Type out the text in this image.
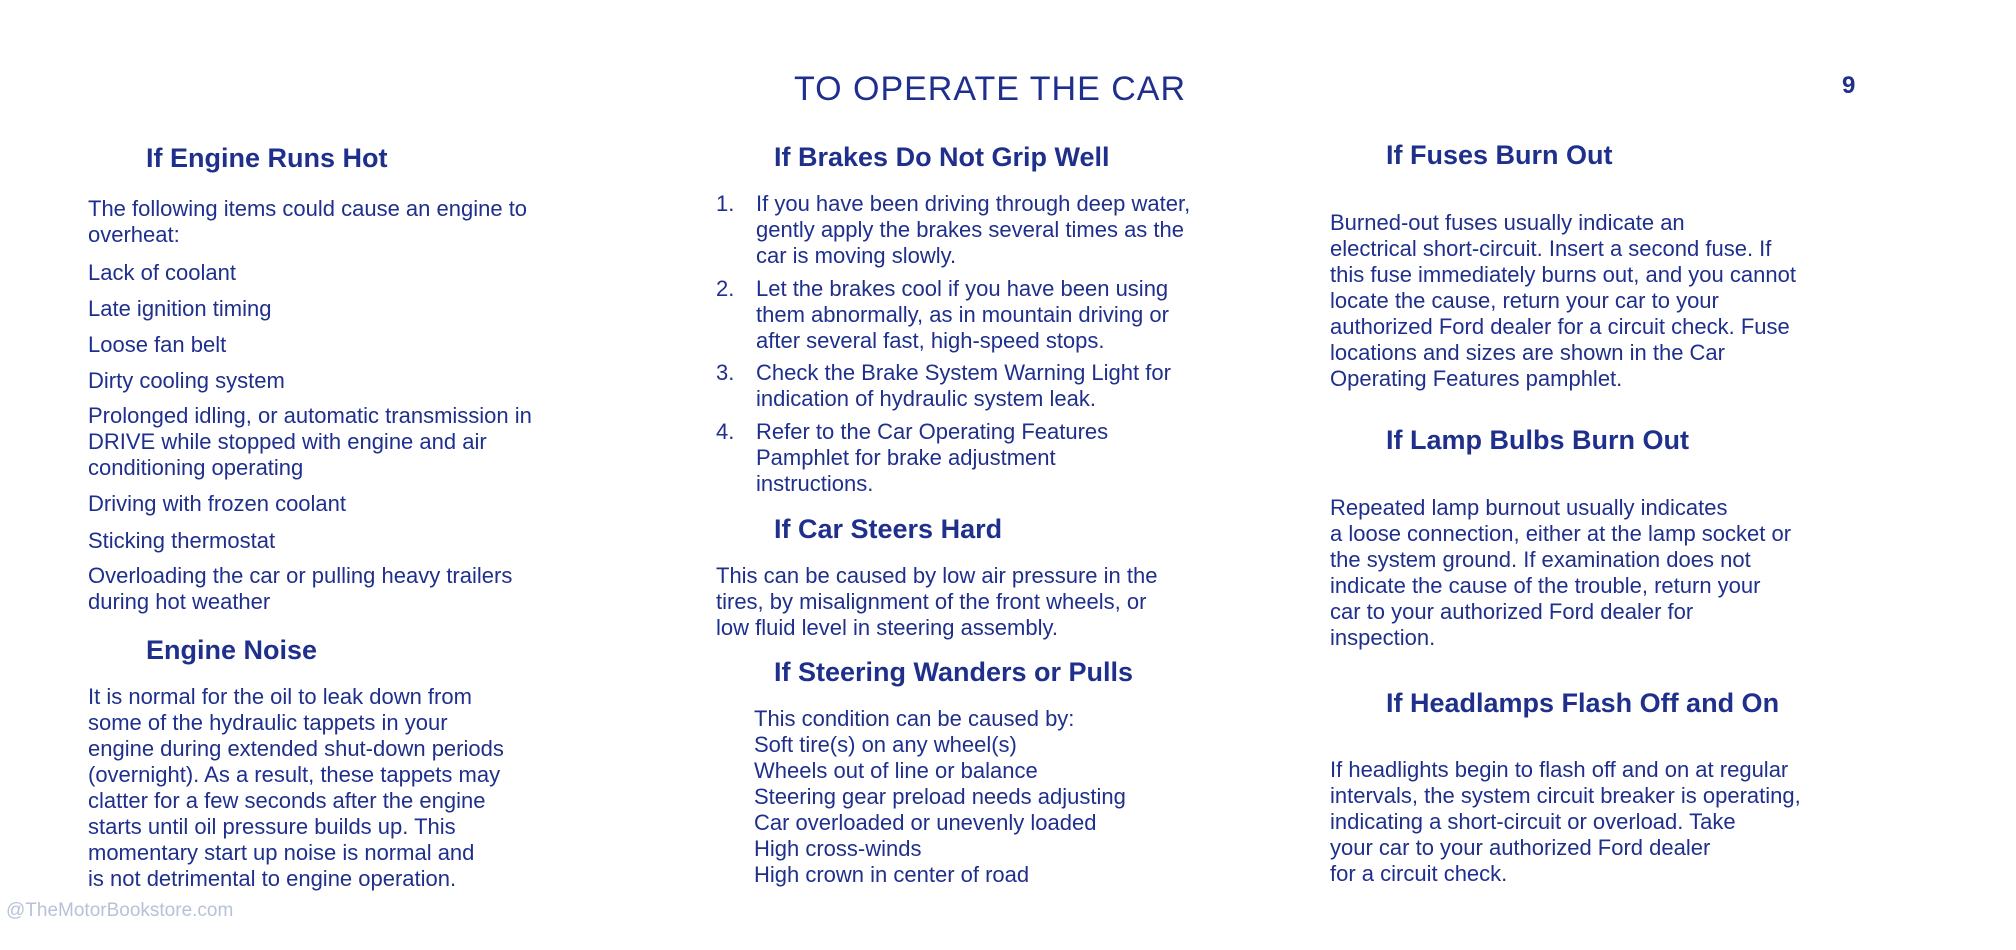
TO OPERATE THE CAR	9
If Engine Runs Hot
The following items could cause an engine to
overheat:
Lack of coolant
Late ignition timing
Loose fan belt
Dirty cooling system
Prolonged idling, or automatic transmission in
DRIVE while stopped with engine and air
conditioning operating
Driving with frozen coolant
Sticking thermostat
Overloading the car or pulling heavy trailers
during hot weather
Engine Noise
It is normal for the oil to leak down from
some of the hydraulic tappets in your
engine during extended shut-down periods
(overnight). As a result, these tappets may
clatter for a few seconds after the engine
starts until oil pressure builds up. This
momentary start up noise is normal and
is not detrimental to engine operation.
If Brakes Do Not Grip Well
1. If you have been driving through deep water,
gently apply the brakes several times as the
car is moving slowly.
2. Let the brakes cool if you have been using
them abnormally, as in mountain driving or
after several fast, high-speed stops.
3. Check the Brake System Warning Light for
indication of hydraulic system leak.
4. Refer to the Car Operating Features
Pamphlet for brake adjustment
instructions.
If Car Steers Hard
This can be caused by low air pressure in the
tires, by misalignment of the front wheels, or
low fluid level in steering assembly.
If Steering Wanders or Pulls
This condition can be caused by:
Soft tire(s) on any wheel(s)
Wheels out of line or balance
Steering gear preload needs adjusting
Car overloaded or unevenly loaded
High cross-winds
High crown in center of road
If Fuses Burn Out
Burned-out fuses usually indicate an
electrical short-circuit. Insert a second fuse. If
this fuse immediately burns out, and you cannot
locate the cause, return your car to your
authorized Ford dealer for a circuit check. Fuse
locations and sizes are shown in the Car
Operating Features pamphlet.
If Lamp Bulbs Burn Out
Repeated lamp burnout usually indicates
a loose connection, either at the lamp socket or
the system ground. If examination does not
indicate the cause of the trouble, return your
car to your authorized Ford dealer for
inspection.
If Headlamps Flash Off and On
If headlights begin to flash off and on at regular
intervals, the system circuit breaker is operating,
indicating a short-circuit or overload. Take
your car to your authorized Ford dealer
for a circuit check.
@TheMotorBookstore.com
